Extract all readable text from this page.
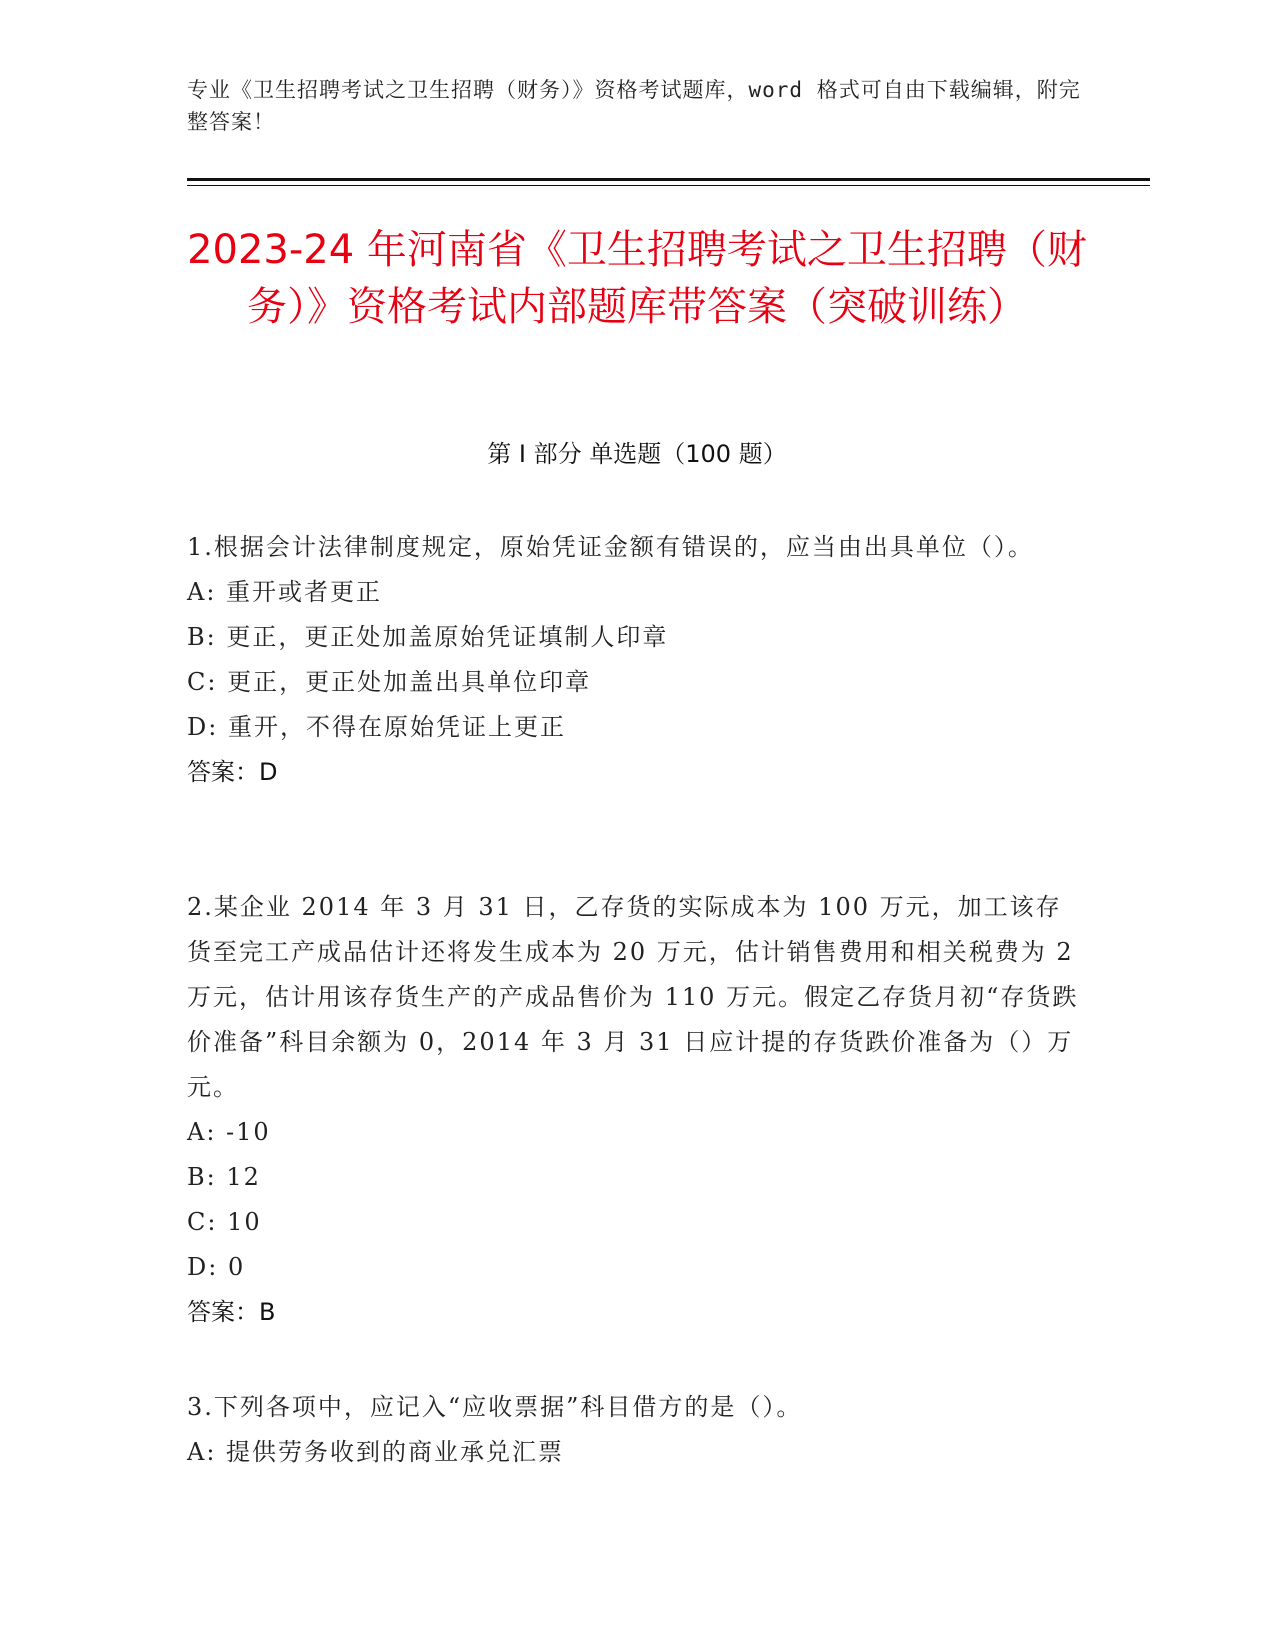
专业《卫生招聘考试之卫生招聘（财务）》资格考试题库，word 格式可自由下载编辑，附完整答案！
2023-24 年河南省《卫生招聘考试之卫生招聘（财务）》资格考试内部题库带答案（突破训练）
第 I 部分 单选题（100 题）

1.根据会计法律制度规定，原始凭证金额有错误的，应当由出具单位（）。

A: 重开或者更正

B: 更正，更正处加盖原始凭证填制人印章

C: 更正，更正处加盖出具单位印章

D: 重开，不得在原始凭证上更正

答案：D

2.某企业 2014 年 3 月 31 日，乙存货的实际成本为 100 万元，加工该存货至完工产成品估计还将发生成本为 20 万元，估计销售费用和相关税费为 2 万元，估计用该存货生产的产成品售价为 110 万元。假定乙存货月初“存货跌价准备”科目余额为 0，2014 年 3 月 31 日应计提的存货跌价准备为（）万元。

A: -10

B: 12

C: 10

D: 0

答案：B

3.下列各项中，应记入“应收票据”科目借方的是（）。

A: 提供劳务收到的商业承兑汇票
